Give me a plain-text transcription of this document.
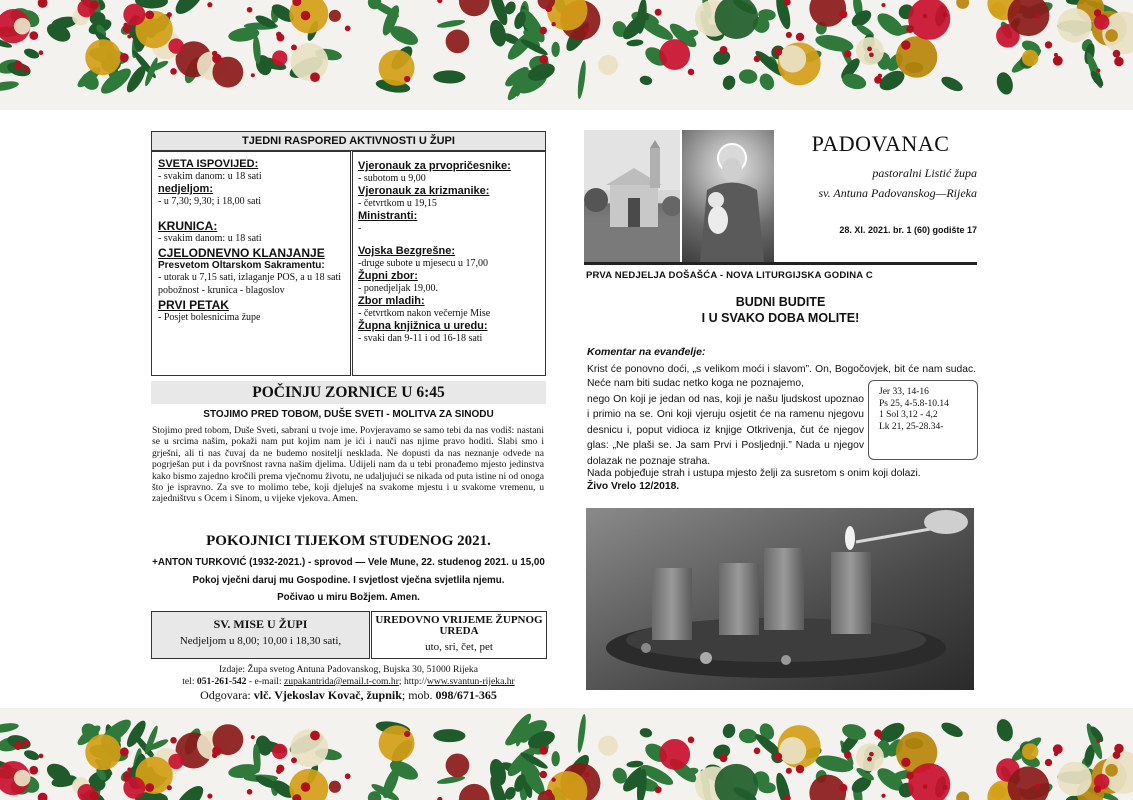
TJEDNI RASPORED AKTIVNOSTI U ŽUPI
SVETA ISPOVIJED:
- svakim danom: u 18 sati
nedjeljom:
- u 7,30; 9,30; i 18,00 sati
KRUNICA:
- svakim danom: u 18 sati
CJELODNEVNO KLANJANJE
Presvetom Oltarskom Sakramentu:
- utorak u 7,15 sati, izlaganje POS, a u 18 sati pobožnost - krunica - blagoslov
PRVI PETAK
- Posjet bolesnicima župe
Vjeronauk za prvopričesnike:
- subotom u 9,00
Vjeronauk za krizmanike:
- četvrtkom u 19,15
Ministranti:
-
Vojska Bezgrešne:
-druge subote u mjesecu u 17,00
Župni zbor:
- ponedjeljak 19,00.
Zbor mladih:
- četvrtkom nakon večernje Mise
Župna knjižnica u uredu:
- svaki dan 9-11 i od 16-18 sati
POČINJU ZORNICE U 6:45
STOJIMO PRED TOBOM, DUŠE SVETI - MOLITVA ZA SINODU
Stojimo pred tobom, Duše Sveti, sabrani u tvoje ime. Povjeravamo se samo tebi da nas vodiš: nastani se u srcima našim, pokaži nam put kojim nam je ići i nauči nas njime pravo hoditi. Slabi smo i grješni, ali ti nas čuvaj da ne budemo nositelji nesklada. Ne dopusti da nas neznanje odvede na pogrješan put i da površnost ravna našim djelima. Udijeli nam da u tebi pronađemo mjesto jedinstva kako bismo zajedno kročili prema vječnomu životu, ne udaljujući se nikada od puta istine ni od onoga što je ispravno. Za sve to molimo tebe, koji djeluješ na svakome mjestu i u svakome vremenu, u zajedništvu s Ocem i Sinom, u vijeke vjekova. Amen.
POKOJNICI TIJEKOM STUDENOG 2021.
+ANTON TURKOVIĆ (1932-2021.) - sprovod — Vele Mune, 22. studenog 2021. u 15,00
Pokoj vječni daruj mu Gospodine. I svjetlost vječna svjetlila njemu.
Počivao u miru Božjem. Amen.
SV. MISE U ŽUPI
Nedjeljom u 8,00; 10,00 i 18,30 sati,
UREDOVNO VRIJEME ŽUPNOG UREDA
uto, sri, čet, pet
Izdaje: Župa svetog Antuna Padovanskog, Bujska 30, 51000 Rijeka
tel: 051-261-542 - e-mail: zupakantrida@email.t-com.hr; http://www.svantun-rijeka.hr
Odgovara: vlč. Vjekoslav Kovač, župnik; mob. 098/671-365
PADOVANAC
pastoralni Listić župa
sv. Antuna Padovanskog—Rijeka
28. XI. 2021. br. 1 (60) godište 17
PRVA NEDJELJA DOŠAŠĆA - NOVA LITURGIJSKA GODINA C
BUDNI BUDITE
I U SVAKO DOBA MOLITE!
Komentar na evanđelje:
Krist će ponovno doći, „s velikom moći i slavom”. On, Bogočovjek, bit će nam sudac. Neće nam biti sudac netko koga ne poznajemo,
nego On koji je jedan od nas, koji je našu ljudskost upoznao i primio na se. Oni koji vjeruju osjetit će na ramenu njegovu desnicu i, poput vidioca iz knjige Otkrivenja, čut će njegov glas: „Ne plaši se. Ja sam Prvi i Posljednji.” Nada u njegov dolazak ne poznaje straha.
Jer 33, 14-16
Ps 25, 4-5.8-10.14
1 Sol 3,12 - 4,2
Lk 21, 25-28.34-
Nada pobjeđuje strah i ustupa mjesto želji za susretom s onim koji dolazi.
Živo Vrelo 12/2018.
